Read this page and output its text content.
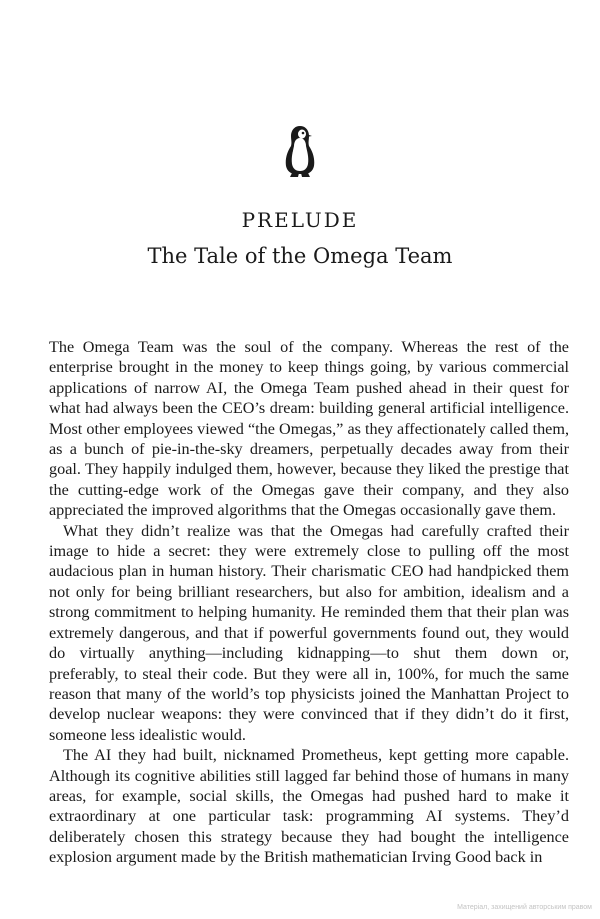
PRELUDE
The Tale of the Omega Team

The Omega Team was the soul of the company. Whereas the rest of the enterprise brought in the money to keep things going, by various commercial applications of narrow AI, the Omega Team pushed ahead in their quest for what had always been the CEO’s dream: building general artificial intelligence. Most other employees viewed “the Omegas,” as they affectionately called them, as a bunch of pie-in-the-sky dreamers, perpetually decades away from their goal. They happily indulged them, however, because they liked the prestige that the cutting-edge work of the Omegas gave their company, and they also appreciated the improved algorithms that the Omegas occasionally gave them.

What they didn’t realize was that the Omegas had carefully crafted their image to hide a secret: they were extremely close to pulling off the most audacious plan in human history. Their charismatic CEO had handpicked them not only for being brilliant researchers, but also for ambition, idealism and a strong commitment to helping humanity. He reminded them that their plan was extremely dangerous, and that if powerful governments found out, they would do virtually anything—including kidnapping—to shut them down or, preferably, to steal their code. But they were all in, 100%, for much the same reason that many of the world’s top physicists joined the Manhattan Project to develop nuclear weapons: they were convinced that if they didn’t do it first, someone less idealistic would.

The AI they had built, nicknamed Prometheus, kept getting more capable. Although its cognitive abilities still lagged far behind those of humans in many areas, for example, social skills, the Omegas had pushed hard to make it extraordinary at one particular task: programming AI systems. They’d deliberately chosen this strategy because they had bought the intelligence explosion argument made by the British mathematician Irving Good back in

Матеріал, захищений авторським правом
